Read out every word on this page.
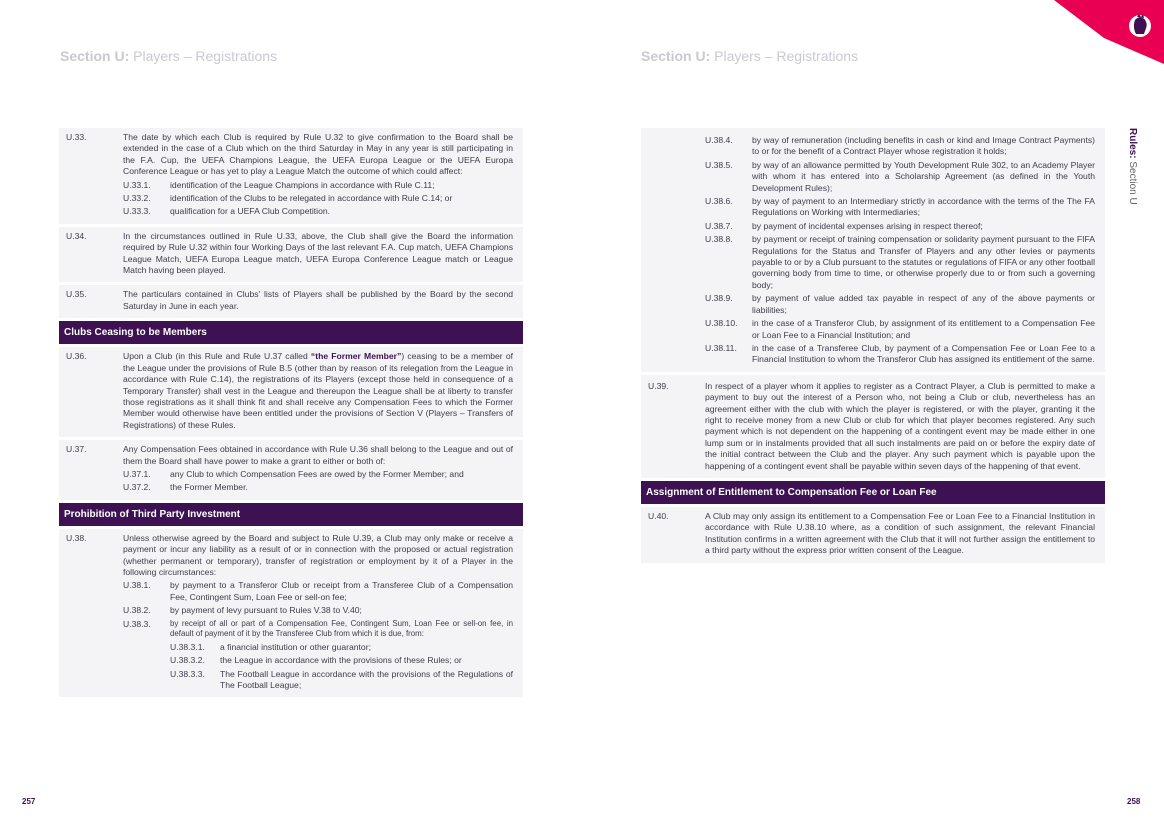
Section U: Players – Registrations	Section U: Players – Registrations
Rules: Section U
U.33.	The date by which each Club is required by Rule U.32 to give confirmation to the Board shall be extended in the case of a Club which on the third Saturday in May in any year is still participating in the F.A. Cup, the UEFA Champions League, the UEFA Europa League or the UEFA Europa Conference League or has yet to play a League Match the outcome of which could affect:
U.33.1.	identification of the League Champions in accordance with Rule C.11;
U.33.2.	identification of the Clubs to be relegated in accordance with Rule C.14; or
U.33.3.	qualification for a UEFA Club Competition.
U.34.	In the circumstances outlined in Rule U.33, above, the Club shall give the Board the information required by Rule U.32 within four Working Days of the last relevant F.A. Cup match, UEFA Champions League Match, UEFA Europa League match, UEFA Europa Conference League match or League Match having been played.
U.35.	The particulars contained in Clubs' lists of Players shall be published by the Board by the second Saturday in June in each year.
Clubs Ceasing to be Members
U.36.	Upon a Club (in this Rule and Rule U.37 called “the Former Member”) ceasing to be a member of the League under the provisions of Rule B.5 (other than by reason of its relegation from the League in accordance with Rule C.14), the registrations of its Players (except those held in consequence of a Temporary Transfer) shall vest in the League and thereupon the League shall be at liberty to transfer those registrations as it shall think fit and shall receive any Compensation Fees to which the Former Member would otherwise have been entitled under the provisions of Section V (Players – Transfers of Registrations) of these Rules.
U.37.	Any Compensation Fees obtained in accordance with Rule U.36 shall belong to the League and out of them the Board shall have power to make a grant to either or both of:
U.37.1.	any Club to which Compensation Fees are owed by the Former Member; and
U.37.2.	the Former Member.
Prohibition of Third Party Investment
U.38.	Unless otherwise agreed by the Board and subject to Rule U.39, a Club may only make or receive a payment or incur any liability as a result of or in connection with the proposed or actual registration (whether permanent or temporary), transfer of registration or employment by it of a Player in the following circumstances:
U.38.1.	by payment to a Transferor Club or receipt from a Transferee Club of a Compensation Fee, Contingent Sum, Loan Fee or sell-on fee;
U.38.2.	by payment of levy pursuant to Rules V.38 to V.40;
U.38.3.	by receipt of all or part of a Compensation Fee, Contingent Sum, Loan Fee or sell-on fee, in default of payment of it by the Transferee Club from which it is due, from:
U.38.3.1.	a financial institution or other guarantor;
U.38.3.2.	the League in accordance with the provisions of these Rules; or
U.38.3.3.	The Football League in accordance with the provisions of the Regulations of The Football League;
U.38.4.	by way of remuneration (including benefits in cash or kind and Image Contract Payments) to or for the benefit of a Contract Player whose registration it holds;
U.38.5.	by way of an allowance permitted by Youth Development Rule 302, to an Academy Player with whom it has entered into a Scholarship Agreement (as defined in the Youth Development Rules);
U.38.6.	by way of payment to an Intermediary strictly in accordance with the terms of the The FA Regulations on Working with Intermediaries;
U.38.7.	by payment of incidental expenses arising in respect thereof;
U.38.8.	by payment or receipt of training compensation or solidarity payment pursuant to the FIFA Regulations for the Status and Transfer of Players and any other levies or payments payable to or by a Club pursuant to the statutes or regulations of FIFA or any other football governing body from time to time, or otherwise properly due to or from such a governing body;
U.38.9.	by payment of value added tax payable in respect of any of the above payments or liabilities;
U.38.10.	in the case of a Transferor Club, by assignment of its entitlement to a Compensation Fee or Loan Fee to a Financial Institution; and
U.38.11.	in the case of a Transferee Club, by payment of a Compensation Fee or Loan Fee to a Financial Institution to whom the Transferor Club has assigned its entitlement of the same.
U.39.	In respect of a player whom it applies to register as a Contract Player, a Club is permitted to make a payment to buy out the interest of a Person who, not being a Club or club, nevertheless has an agreement either with the club with which the player is registered, or with the player, granting it the right to receive money from a new Club or club for which that player becomes registered. Any such payment which is not dependent on the happening of a contingent event may be made either in one lump sum or in instalments provided that all such instalments are paid on or before the expiry date of the initial contract between the Club and the player. Any such payment which is payable upon the happening of a contingent event shall be payable within seven days of the happening of that event.
Assignment of Entitlement to Compensation Fee or Loan Fee
U.40.	A Club may only assign its entitlement to a Compensation Fee or Loan Fee to a Financial Institution in accordance with Rule U.38.10 where, as a condition of such assignment, the relevant Financial Institution confirms in a written agreement with the Club that it will not further assign the entitlement to a third party without the express prior written consent of the League.
257	258
